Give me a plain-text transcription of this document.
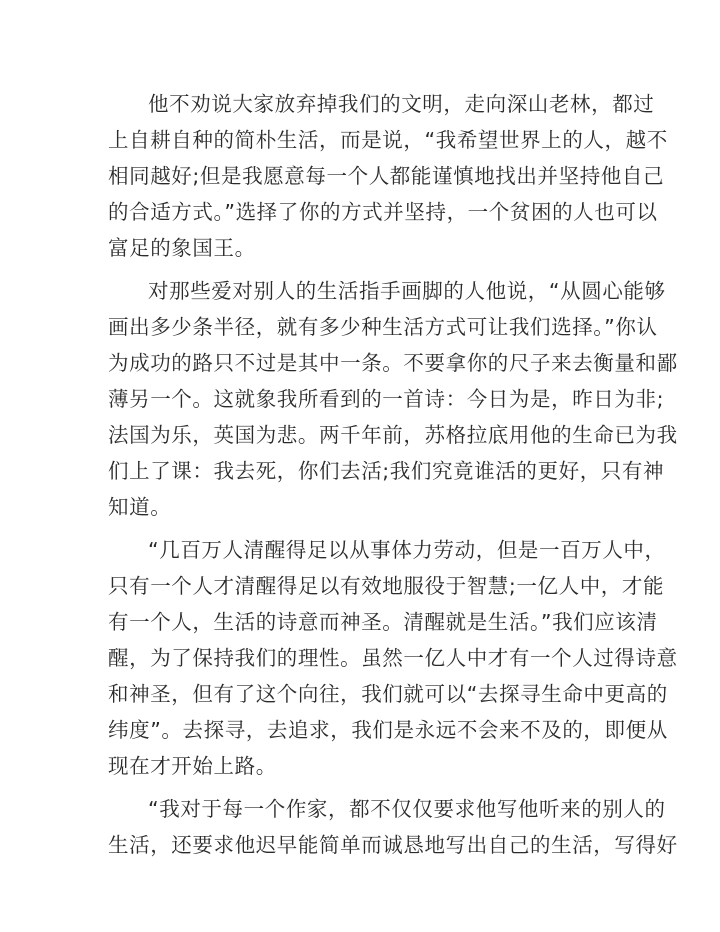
他不劝说大家放弃掉我们的文明，走向深山老林，都过
上自耕自种的简朴生活，而是说，“我希望世界上的人，越不
相同越好;但是我愿意每一个人都能谨慎地找出并坚持他自己
的合适方式。”选择了你的方式并坚持，一个贫困的人也可以
富足的象国王。

对那些爱对别人的生活指手画脚的人他说，“从圆心能够
画出多少条半径，就有多少种生活方式可让我们选择。”你认
为成功的路只不过是其中一条。不要拿你的尺子来去衡量和鄙
薄另一个。这就象我所看到的一首诗：今日为是，昨日为非;
法国为乐，英国为悲。两千年前，苏格拉底用他的生命已为我
们上了课：我去死，你们去活;我们究竟谁活的更好，只有神
知道。

“几百万人清醒得足以从事体力劳动，但是一百万人中，
只有一个人才清醒得足以有效地服役于智慧;一亿人中，才能
有一个人，生活的诗意而神圣。清醒就是生活。”我们应该清
醒，为了保持我们的理性。虽然一亿人中才有一个人过得诗意
和神圣，但有了这个向往，我们就可以“去探寻生命中更高的
纬度”。去探寻，去追求，我们是永远不会来不及的，即便从
现在才开始上路。

“我对于每一个作家，都不仅仅要求他写他听来的别人的
生活，还要求他迟早能简单而诚恳地写出自己的生活，写得好
